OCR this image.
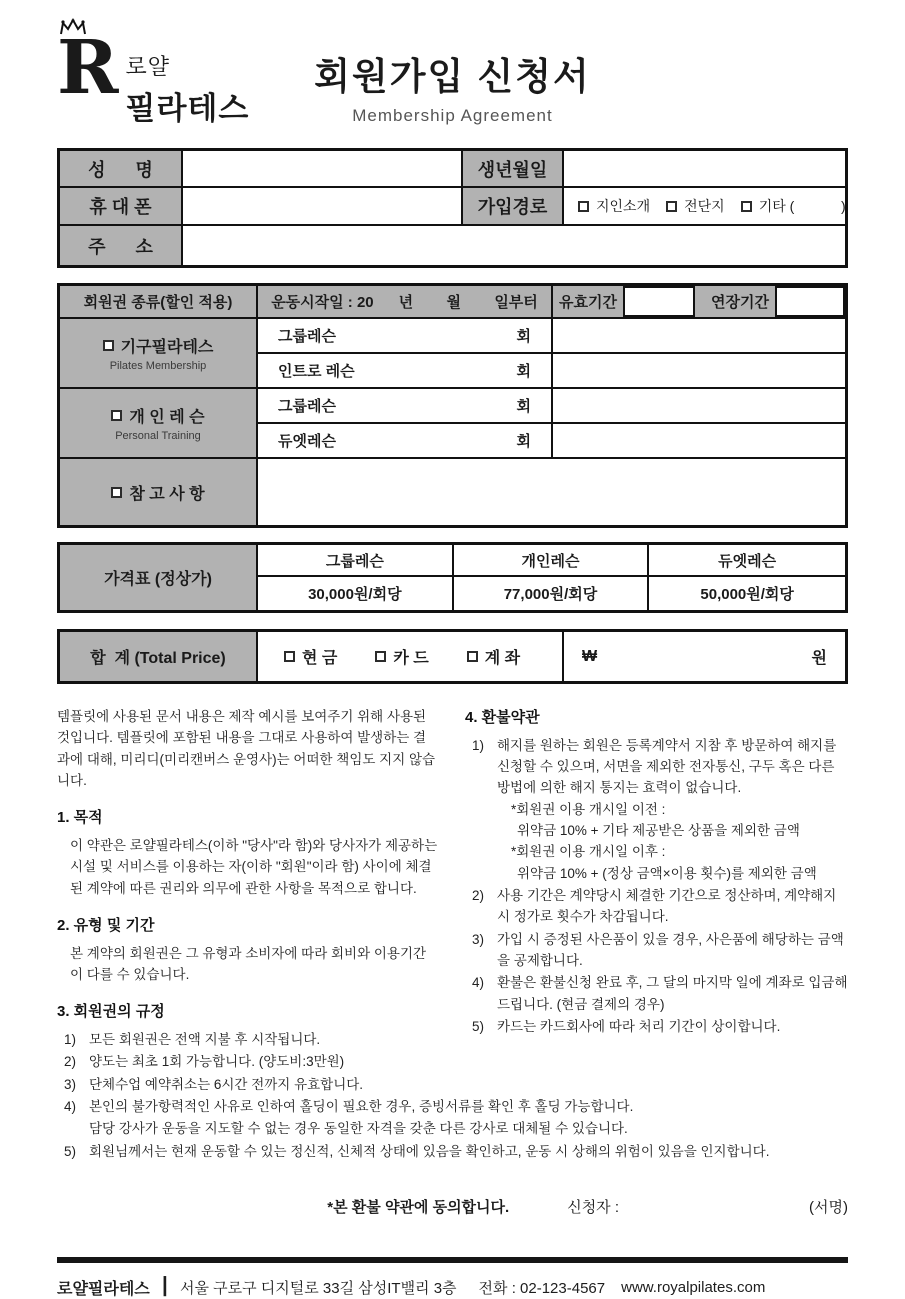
R 로얄
필라테스
회원가입 신청서
Membership Agreement
성      명	생년월일
휴 대 폰	가입경로	지인소개 전단지 기타 (            )
주      소
회원권 종류(할인 적용)	운동시작일 : 20      년        월        일부터	유효기간	연장기간
기구필라테스
Pilates Membership
그룹레슨	회
인트로 레슨	회
개 인 레 슨
Personal Training
그룹레슨	회
듀엣레슨	회
참 고 사 항
가격표 (정상가)
그룹레슨	개인레슨	듀엣레슨
30,000원/회당	77,000원/회당	50,000원/회당
합  계 (Total Price)	현 금	카 드	계 좌	₩	원
템플릿에 사용된 문서 내용은 제작 예시를 보여주기 위해 사용된 것입니다. 템플릿에 포함된 내용을 그대로 사용하여 발생하는 결과에 대해, 미리디(미리캔버스 운영사)는 어떠한 책임도 지지 않습니다.
1. 목적
이 약관은 로얄필라테스(이하 "당사"라 함)와 당사자가 제공하는 시설 및 서비스를 이용하는 자(이하 "회원"이라 함) 사이에 체결된 계약에 따른 권리와 의무에 관한 사항을 목적으로 합니다.
2. 유형 및 기간
본 계약의 회원권은 그 유형과 소비자에 따라 회비와 이용기간이 다를 수 있습니다.
3. 회원권의 규정
1) 모든 회원권은 전액 지불 후 시작됩니다.
2) 양도는 최초 1회 가능합니다. (양도비:3만원)
3) 단체수업 예약취소는 6시간 전까지 유효합니다.
4. 환불약관
1) 해지를 원하는 회원은 등록계약서 지참 후 방문하여 해지를 신청할 수 있으며, 서면을 제외한 전자통신, 구두 혹은 다른 방법에 의한 해지 통지는 효력이 없습니다.
*회원권 이용 개시일 이전 :
위약금 10% + 기타 제공받은 상품을 제외한 금액
*회원권 이용 개시일 이후 :
위약금 10% + (정상 금액×이용 횟수)를 제외한 금액
2) 사용 기간은 계약당시 체결한 기간으로 정산하며, 계약해지 시 정가로 횟수가 차감됩니다.
3) 가입 시 증정된 사은품이 있을 경우, 사은품에 해당하는 금액을 공제합니다.
4) 환불은 환불신청 완료 후, 그 달의 마지막 일에 계좌로 입금해 드립니다. (현금 결제의 경우)
5) 카드는 카드회사에 따라 처리 기간이 상이합니다.
4) 본인의 불가항력적인 사유로 인하여 홀딩이 필요한 경우, 증빙서류를 확인 후 홀딩 가능합니다.
담당 강사가 운동을 지도할 수 없는 경우 동일한 자격을 갖춘 다른 강사로 대체될 수 있습니다.
5) 회원님께서는 현재 운동할 수 있는 정신적, 신체적 상태에 있음을 확인하고, 운동 시 상해의 위험이 있음을 인지합니다.
*본 환불 약관에 동의합니다.	신청자 :	(서명)
로얄필라테스 ┃ 서울 구로구 디지털로 33길 삼성IT밸리 3층 전화 : 02-123-4567 www.royalpilates.com
